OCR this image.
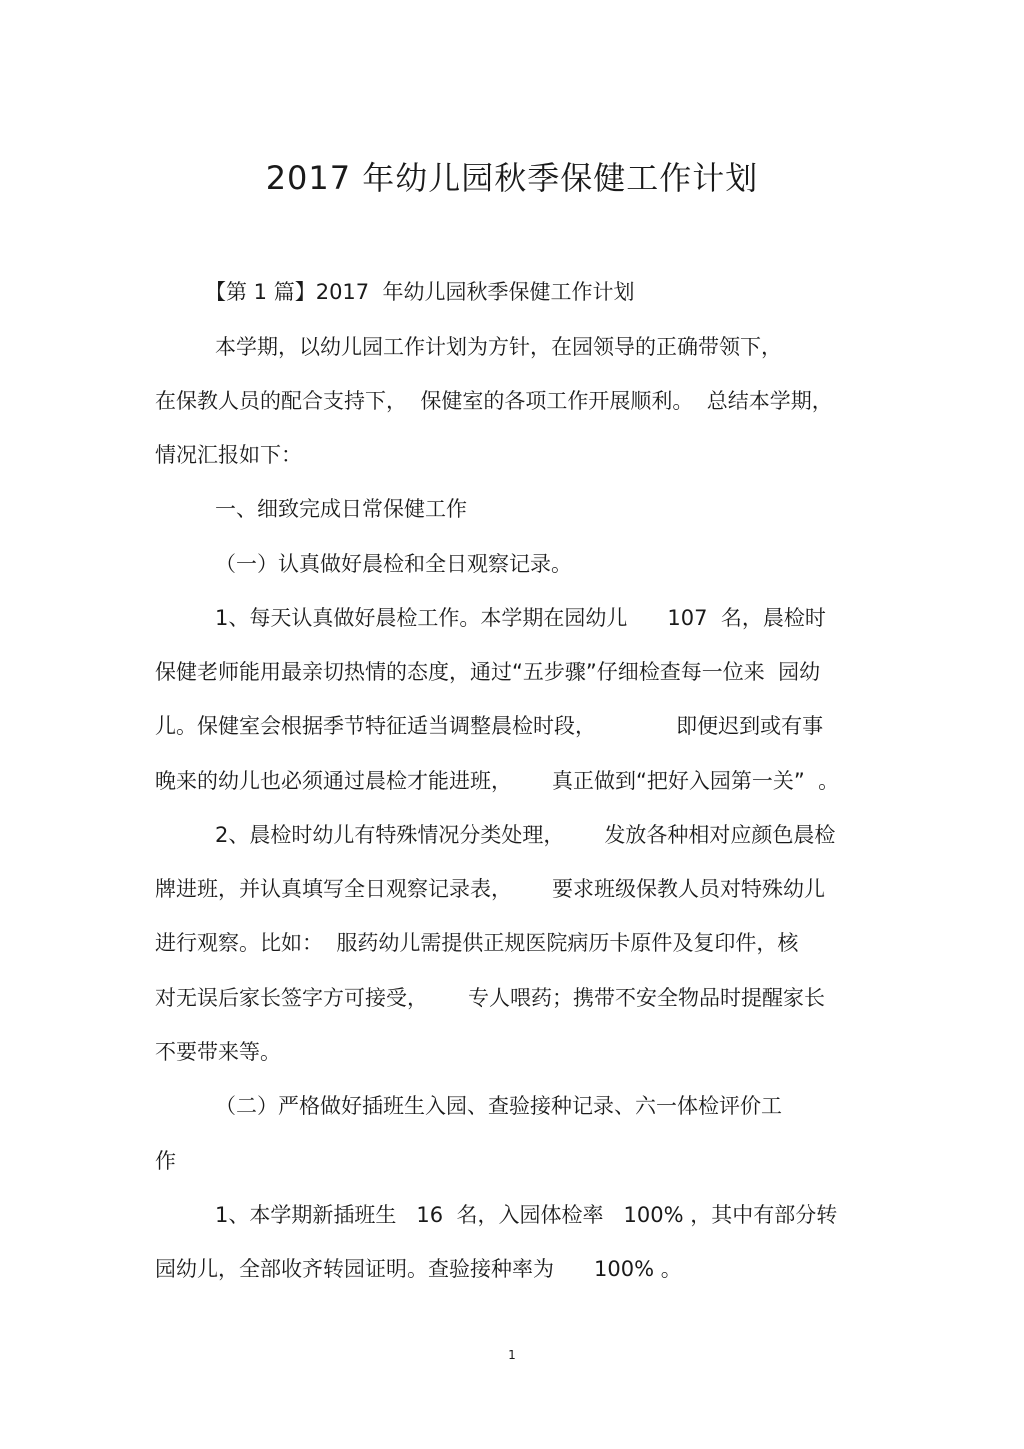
2017 年幼儿园秋季保健工作计划

【第 1 篇】2017  年幼儿园秋季保健工作计划

本学期，以幼儿园工作计划为方针，在园领导的正确带领下，

在保教人员的配合支持下，  保健室的各项工作开展顺利。  总结本学期，

情况汇报如下：

一、细致完成日常保健工作

（一）认真做好晨检和全日观察记录。

1、每天认真做好晨检工作。本学期在园幼儿      107  名，晨检时

保健老师能用最亲切热情的态度，通过“五步骤”仔细检查每一位来  园幼

儿。保健室会根据季节特征适当调整晨检时段，            即便迟到或有事

晚来的幼儿也必须通过晨检才能进班，      真正做到“把好入园第一关”  。

2、晨检时幼儿有特殊情况分类处理，      发放各种相对应颜色晨检

牌进班，并认真填写全日观察记录表，      要求班级保教人员对特殊幼儿

进行观察。比如：  服药幼儿需提供正规医院病历卡原件及复印件，核

对无误后家长签字方可接受，      专人喂药；携带不安全物品时提醒家长

不要带来等。

（二）严格做好插班生入园、查验接种记录、六一体检评价工

作

1、本学期新插班生   16  名，入园体检率   100% ，其中有部分转

园幼儿，全部收齐转园证明。查验接种率为      100% 。

1
